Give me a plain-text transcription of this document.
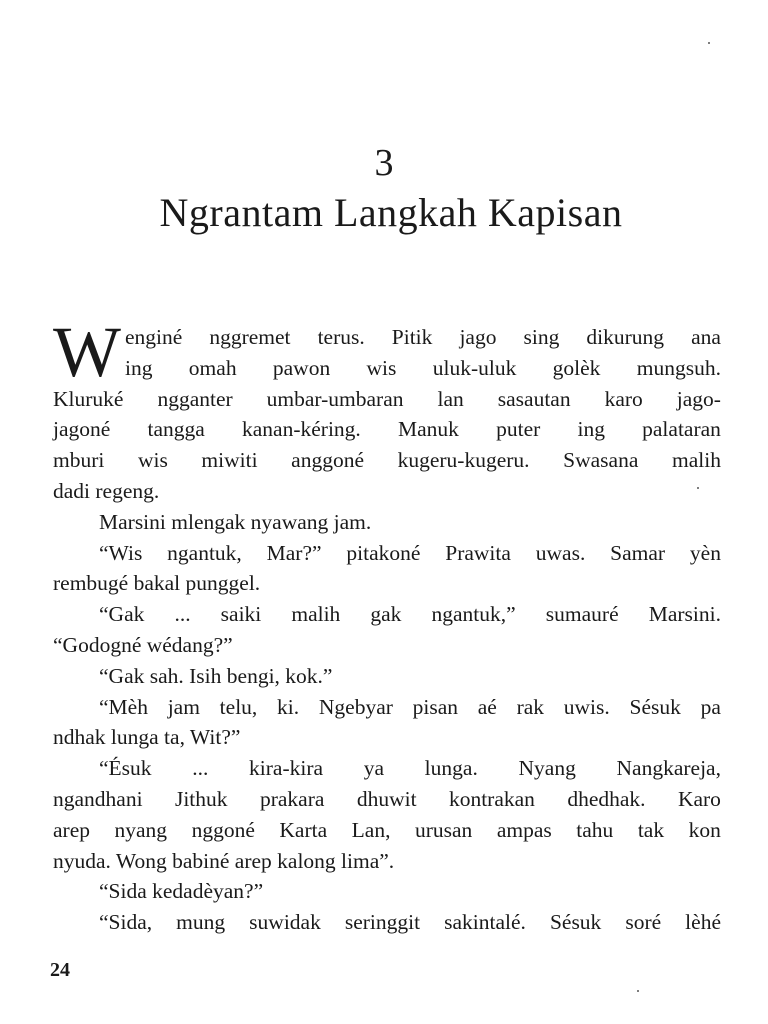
3
Ngrantam Langkah Kapisan
W enginé nggremet terus. Pitik jago sing dikurung ana
ing omah pawon wis uluk-uluk golèk mungsuh.
Kluruké ngganter umbar-umbaran lan sasautan karo jago-
jagoné tangga kanan-kéring. Manuk puter ing palataran
mburi wis miwiti anggoné kugeru-kugeru. Swasana malih
dadi regeng.
Marsini mlengak nyawang jam.
“Wis ngantuk, Mar?” pitakoné Prawita uwas. Samar yèn
rembugé bakal punggel.
“Gak ... saiki malih gak ngantuk,” sumauré Marsini.
“Godogné wédang?”
“Gak sah. Isih bengi, kok.”
“Mèh jam telu, ki. Ngebyar pisan aé rak uwis. Sésuk pa
ndhak lunga ta, Wit?”
“Ésuk ... kira-kira ya lunga. Nyang Nangkareja,
ngandhani Jithuk prakara dhuwit kontrakan dhedhak. Karo
arep nyang nggoné Karta Lan, urusan ampas tahu tak kon
nyuda. Wong babiné arep kalong lima”.
“Sida kedadèyan?”
“Sida, mung suwidak seringgit sakintalé. Sésuk soré lèhé
24
